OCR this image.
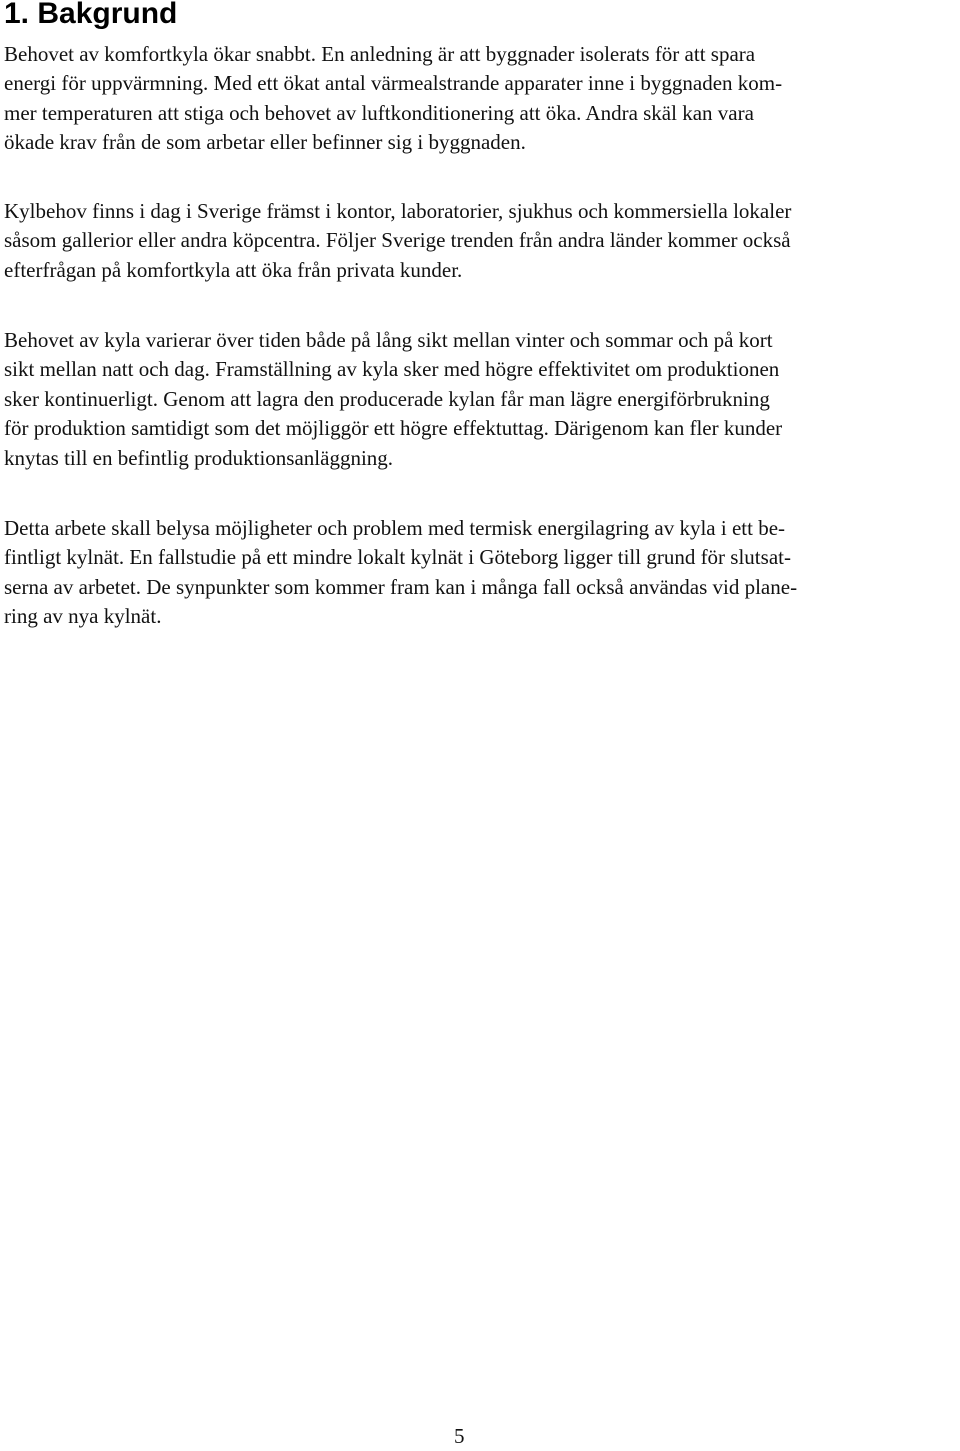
1. Bakgrund

Behovet av komfortkyla ökar snabbt. En anledning är att byggnader isolerats för att spara
energi för uppvärmning. Med ett ökat antal värmealstrande apparater inne i byggnaden kom-
mer temperaturen att stiga och behovet av luftkonditionering att öka. Andra skäl kan vara
ökade krav från de som arbetar eller befinner sig i byggnaden.

Kylbehov finns i dag i Sverige främst i kontor, laboratorier, sjukhus och kommersiella lokaler
såsom gallerior eller andra köpcentra. Följer Sverige trenden från andra länder kommer också
efterfrågan på komfortkyla att öka från privata kunder.

Behovet av kyla varierar över tiden både på lång sikt mellan vinter och sommar och på kort
sikt mellan natt och dag. Framställning av kyla sker med högre effektivitet om produktionen
sker kontinuerligt. Genom att lagra den producerade kylan får man lägre energiförbrukning
för produktion samtidigt som det möjliggör ett högre effektuttag. Därigenom kan fler kunder
knytas till en befintlig produktionsanläggning.

Detta arbete skall belysa möjligheter och problem med termisk energilagring av kyla i ett be-
fintligt kylnät. En fallstudie på ett mindre lokalt kylnät i Göteborg ligger till grund för slutsat-
serna av arbetet. De synpunkter som kommer fram kan i många fall också användas vid plane-
ring av nya kylnät.

5
